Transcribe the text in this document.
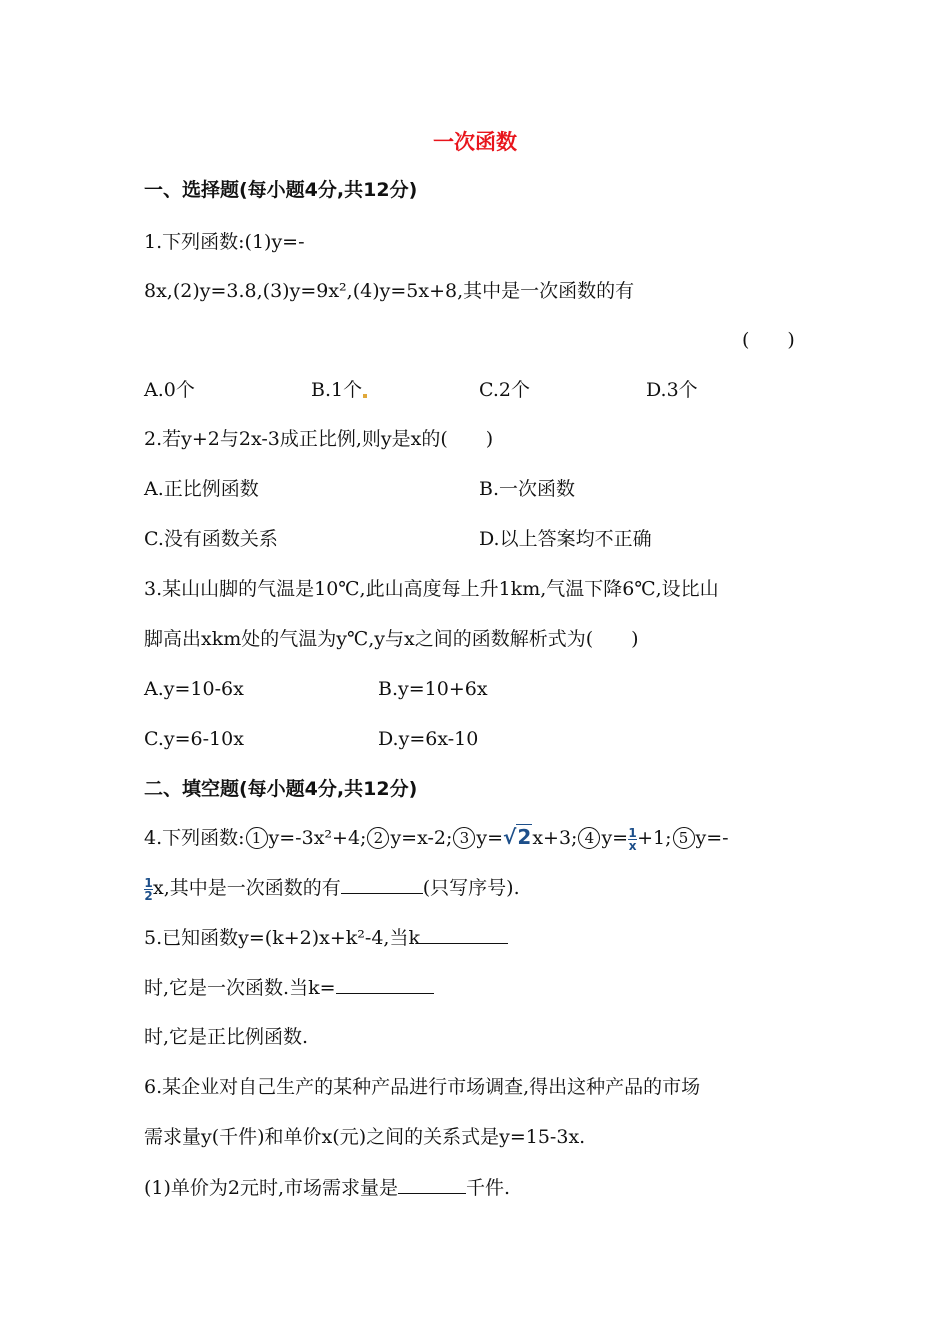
一次函数
一、选择题(每小题4分,共12分)
1.下列函数:(1)y=-
8x,(2)y=3.8,(3)y=9x²,(4)y=5x+8,其中是一次函数的有
(　　)
A.0个	B.1个	C.2个	D.3个
2.若y+2与2x-3成正比例,则y是x的(　　)
A.正比例函数	B.一次函数
C.没有函数关系	D.以上答案均不正确
3.某山山脚的气温是10℃,此山高度每上升1km,气温下降6℃,设比山
脚高出xkm处的气温为y℃,y与x之间的函数解析式为(　　)
A.y=10-6x	B.y=10+6x
C.y=6-10x	D.y=6x-10
二、填空题(每小题4分,共12分)
4.下列函数: 1 y=-3x²+4; 2 y=x-2; 3 y=√2x+3; 4 $y= \frac{1}{x} +1$; 5 y=-
$\frac{1}{2} x$,其中是一次函数的有	(只写序号).
5.已知函数y=(k+2)x+k²-4,当k
时,它是一次函数.当k=
时,它是正比例函数.
6.某企业对自己生产的某种产品进行市场调查,得出这种产品的市场
需求量y(千件)和单价x(元)之间的关系式是y=15-3x.
(1)单价为2元时,市场需求量是	千件.
